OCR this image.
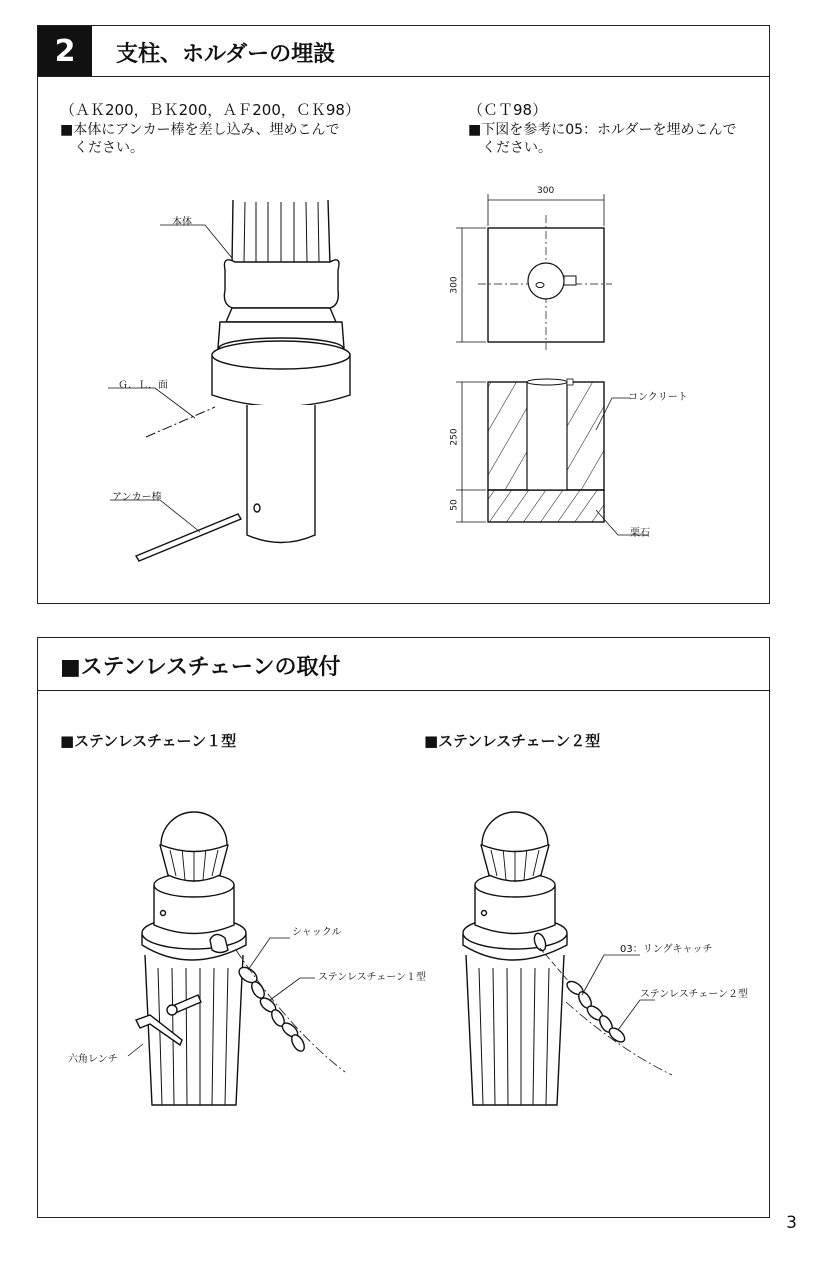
2	支柱、ホルダーの埋設
（ＡＫ200，ＢＫ200，ＡＦ200，ＣＫ98）
■本体にアンカー棒を差し込み、埋めこんで
ください。
（ＣＴ98）
■下図を参考に05：ホルダーを埋めこんで
ください。
本体
Ｇ．Ｌ．面
アンカー棒
300
300
250
50
コンクリート
栗石
■ステンレスチェーンの取付
■ステンレスチェーン１型	■ステンレスチェーン２型
シャックル
ステンレスチェーン１型
六角レンチ
03：リングキャッチ
ステンレスチェーン２型
3
